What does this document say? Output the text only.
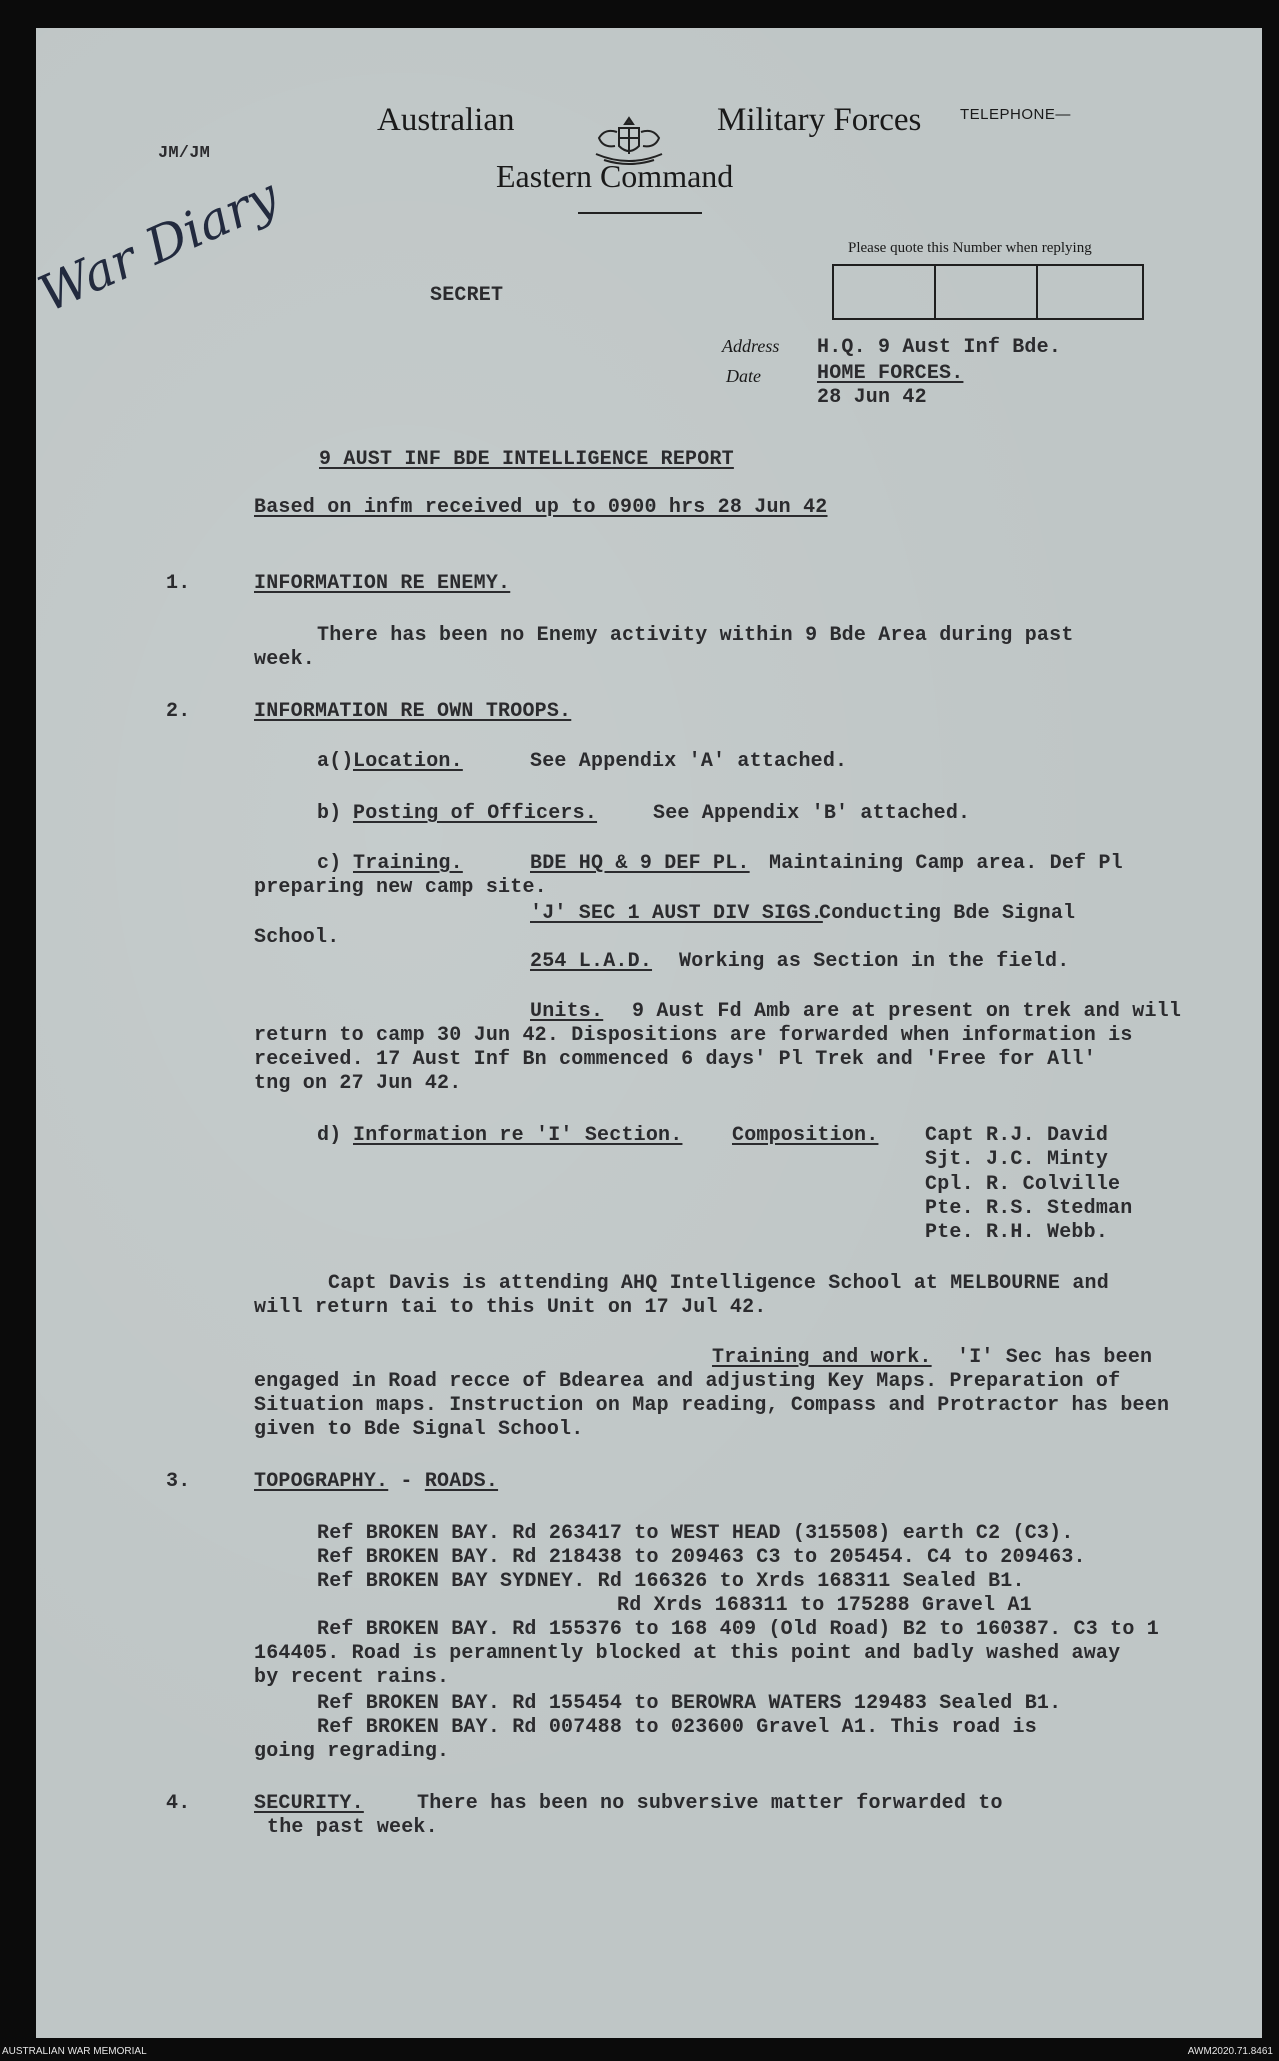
Australian	Military Forces
Eastern Command
TELEPHONE—
Please quote this Number when replying
Address
Date
JM/JM
War Diary	SECRET
H.Q. 9 Aust Inf Bde.
HOME FORCES.
28 Jun 42
9 AUST INF BDE INTELLIGENCE REPORT
Based on infm received up to 0900 hrs 28 Jun 42
1.	INFORMATION RE ENEMY.
There has been no Enemy activity within 9 Bde Area during past
week.
2.	INFORMATION RE OWN TROOPS.
a() Location.	See Appendix 'A' attached.
b) Posting of Officers.	See Appendix 'B' attached.
c) Training.	BDE HQ & 9 DEF PL. Maintaining Camp area. Def Pl
preparing new camp site.
'J' SEC 1 AUST DIV SIGS.
Conducting Bde Signal
School.
254 L.A.D. Working as Section in the field.
Units. 9 Aust Fd Amb are at present on trek and will
return to camp 30 Jun 42. Dispositions are forwarded when information is
received. 17 Aust Inf Bn commenced 6 days' Pl Trek and 'Free for All'
tng on 27 Jun 42.
d) Information re 'I' Section. Composition. Capt R.J. David
Sjt. J.C. Minty
Cpl. R. Colville
Pte. R.S. Stedman
Pte. R.H. Webb.
Capt Davis is attending AHQ Intelligence School at MELBOURNE and
will return tai to this Unit on 17 Jul 42.
Training and work. 'I' Sec has been
engaged in Road recce of Bdearea and adjusting Key Maps. Preparation of
Situation maps. Instruction on Map reading, Compass and Protractor has been
given to Bde Signal School.
3.	TOPOGRAPHY. - ROADS.
Ref BROKEN BAY. Rd 263417 to WEST HEAD (315508) earth C2 (C3).
Ref BROKEN BAY. Rd 218438 to 209463 C3 to 205454. C4 to 209463.
Ref BROKEN BAY SYDNEY. Rd 166326 to Xrds 168311 Sealed B1.
Rd Xrds 168311 to 175288 Gravel A1
Ref BROKEN BAY. Rd 155376 to 168 409 (Old Road) B2 to 160387. C3 to 1
164405. Road is peramnently blocked at this point and badly washed away
by recent rains.
Ref BROKEN BAY. Rd 155454 to BEROWRA WATERS 129483 Sealed B1.
Ref BROKEN BAY. Rd 007488 to 023600 Gravel A1. This road is
going regrading.
4.	SECURITY.	There has been no subversive matter forwarded to
the past week.
AUSTRALIAN WAR MEMORIAL	AWM2020.71.8461
